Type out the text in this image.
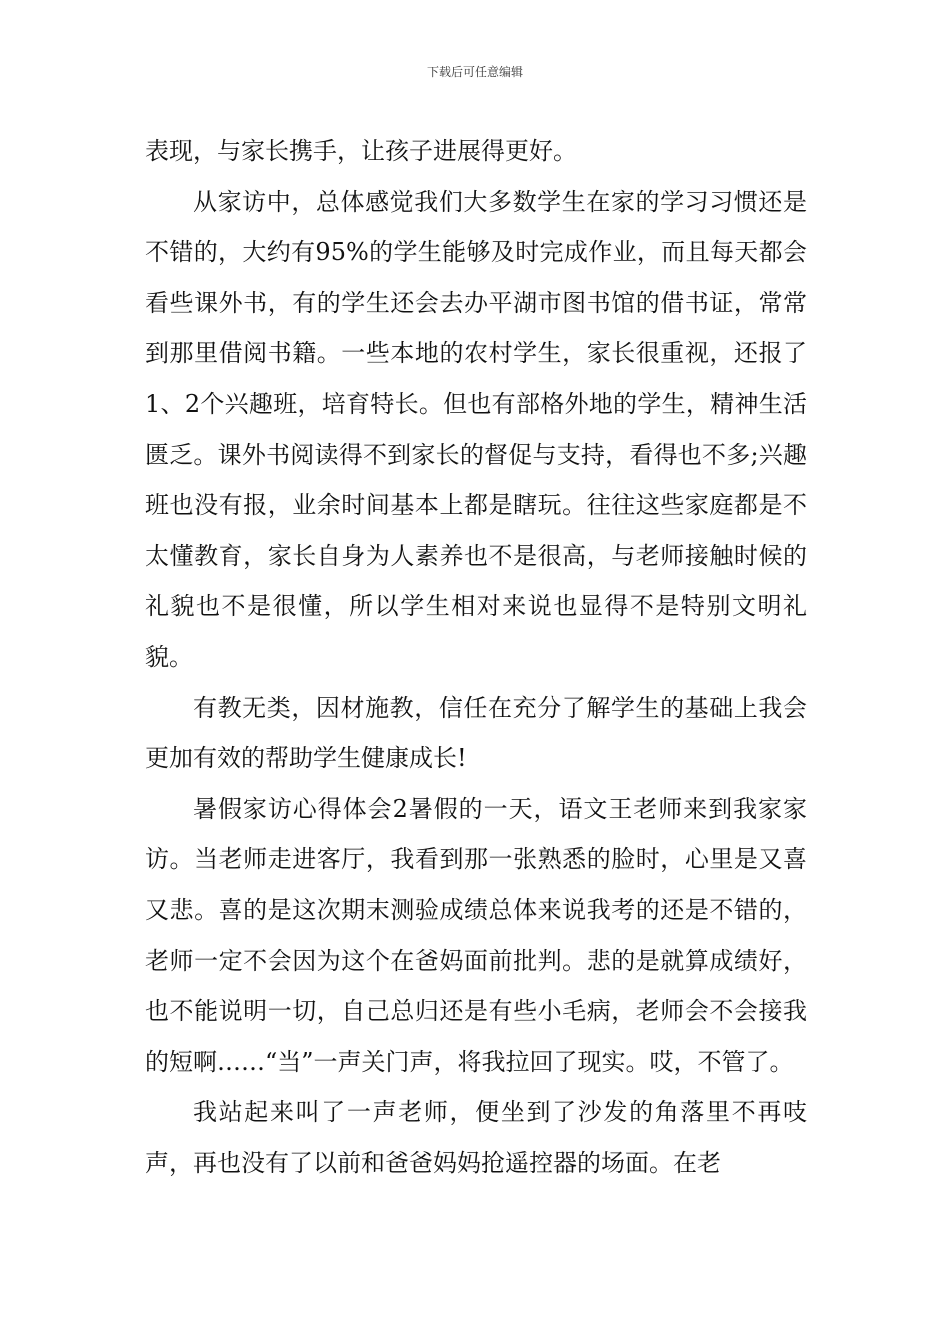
下载后可任意编辑

表现，与家长携手，让孩子进展得更好。

从家访中，总体感觉我们大多数学生在家的学习习惯还是不错的，大约有95%的学生能够及时完成作业，而且每天都会看些课外书，有的学生还会去办平湖市图书馆的借书证，常常到那里借阅书籍。一些本地的农村学生，家长很重视，还报了1、2个兴趣班，培育特长。但也有部格外地的学生，精神生活匮乏。课外书阅读得不到家长的督促与支持，看得也不多;兴趣班也没有报，业余时间基本上都是瞎玩。往往这些家庭都是不太懂教育，家长自身为人素养也不是很高，与老师接触时候的礼貌也不是很懂，所以学生相对来说也显得不是特别文明礼貌。

有教无类，因材施教，信任在充分了解学生的基础上我会更加有效的帮助学生健康成长!

暑假家访心得体会2暑假的一天，语文王老师来到我家家访。当老师走进客厅，我看到那一张熟悉的脸时，心里是又喜又悲。喜的是这次期末测验成绩总体来说我考的还是不错的，老师一定不会因为这个在爸妈面前批判。悲的是就算成绩好，也不能说明一切，自己总归还是有些小毛病，老师会不会接我的短啊……“当”一声关门声，将我拉回了现实。哎，不管了。

我站起来叫了一声老师，便坐到了沙发的角落里不再吱声，再也没有了以前和爸爸妈妈抢遥控器的场面。在老
